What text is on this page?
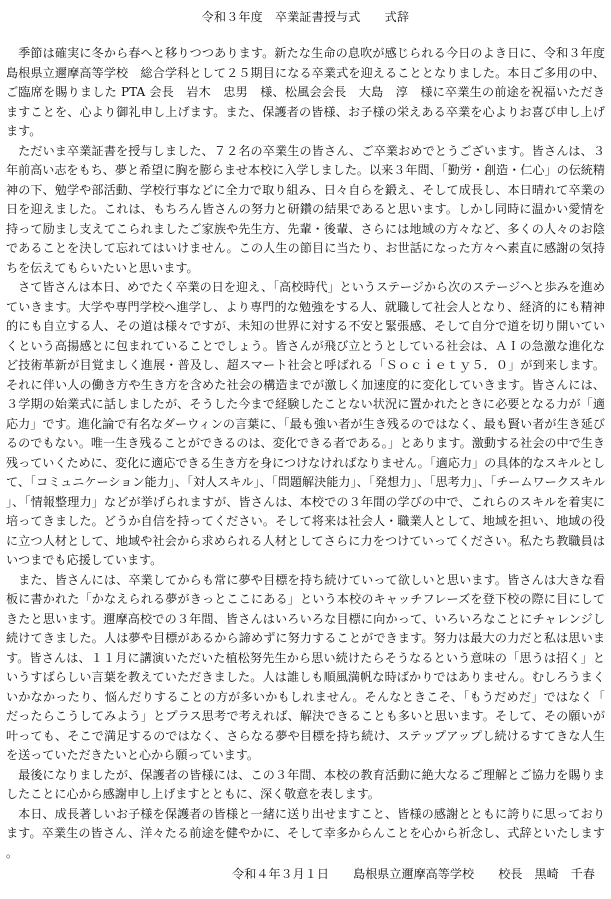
令和３年度　卒業証書授与式　　式辞

季節は確実に冬から春へと移りつつあります。新たな生命の息吹が感じられる今日のよき日に、令和３年度島根県立邇摩高等学校　総合学科として２５期目になる卒業式を迎えることとなりました。本日ご多用の中、ご臨席を賜りました PTA 会長　岩木　忠男　様、松風会会長　大島　淳　様に卒業生の前途を祝福いただきますことを、心より御礼申し上げます。また、保護者の皆様、お子様の栄えある卒業を心よりお喜び申し上げます。

ただいま卒業証書を授与しました、７２名の卒業生の皆さん、ご卒業おめでとうございます。皆さんは、３年前高い志をもち、夢と希望に胸を膨らませ本校に入学しました。以来３年間、「勤労・創造・仁心」の伝統精神の下、勉学や部活動、学校行事などに全力で取り組み、日々自らを鍛え、そして成長し、本日晴れて卒業の日を迎えました。これは、もちろん皆さんの努力と研鑽の結果であると思います。しかし同時に温かい愛情を持って励まし支えてこられましたご家族や先生方、先輩・後輩、さらには地域の方々など、多くの人々のお陰であることを決して忘れてはいけません。この人生の節目に当たり、お世話になった方々へ素直に感謝の気持ちを伝えてもらいたいと思います。

さて皆さんは本日、めでたく卒業の日を迎え、「高校時代」というステージから次のステージへと歩みを進めていきます。大学や専門学校へ進学し、より専門的な勉強をする人、就職して社会人となり、経済的にも精神的にも自立する人、その道は様々ですが、未知の世界に対する不安と緊張感、そして自分で道を切り開いていくという高揚感とに包まれていることでしょう。皆さんが飛び立とうとしている社会は、ＡＩの急激な進化など技術革新が目覚ましく進展・普及し、超スマート社会と呼ばれる「Ｓｏｃｉｅｔｙ５．０」が到来します。それに伴い人の働き方や生き方を含めた社会の構造までが激しく加速度的に変化していきます。皆さんには、３学期の始業式に話しましたが、そうした今まで経験したことない状況に置かれたときに必要となる力が「適応力」です。進化論で有名なダーウィンの言葉に、「最も強い者が生き残るのではなく、最も賢い者が生き延びるのでもない。唯一生き残ることができるのは、変化できる者である。」とあります。激動する社会の中で生き残っていくために、変化に適応できる生き方を身につけなければなりません。「適応力」の具体的なスキルとして、「コミュニケーション能力」、「対人スキル」、「問題解決能力」、「発想力」、「思考力」、「チームワークスキル」、「情報整理力」などが挙げられますが、皆さんは、本校での３年間の学びの中で、これらのスキルを着実に培ってきました。どうか自信を持ってください。そして将来は社会人・職業人として、地域を担い、地域の役に立つ人材として、地域や社会から求められる人材としてさらに力をつけていってください。私たち教職員はいつまでも応援しています。

また、皆さんには、卒業してからも常に夢や目標を持ち続けていって欲しいと思います。皆さんは大きな看板に書かれた「かなえられる夢がきっとここにある」という本校のキャッチフレーズを登下校の際に目にしてきたと思います。邇摩高校での３年間、皆さんはいろいろな目標に向かって、いろいろなことにチャレンジし続けてきました。人は夢や目標があるから諦めずに努力することができます。努力は最大の力だと私は思います。皆さんは、１１月に講演いただいた植松努先生から思い続けたらそうなるという意味の「思うは招く」というすばらしい言葉を教えていただきました。人は誰しも順風満帆な時ばかりではありません。むしろうまくいかなかったり、悩んだりすることの方が多いかもしれません。そんなときこそ、「もうだめだ」ではなく「だったらこうしてみよう」とプラス思考で考えれば、解決できることも多いと思います。そして、その願いが叶っても、そこで満足するのではなく、さらなる夢や目標を持ち続け、ステップアップし続けるすてきな人生を送っていただきたいと心から願っています。

最後になりましたが、保護者の皆様には、この３年間、本校の教育活動に絶大なるご理解とご協力を賜りましたことに心から感謝申し上げますとともに、深く敬意を表します。

本日、成長著しいお子様を保護者の皆様と一緒に送り出せますこと、皆様の感謝とともに誇りに思っております。卒業生の皆さん、洋々たる前途を健やかに、そして幸多からんことを心から祈念し、式辞といたします。

令和４年３月１日　　島根県立邇摩高等学校　　校長　黒崎　千春
